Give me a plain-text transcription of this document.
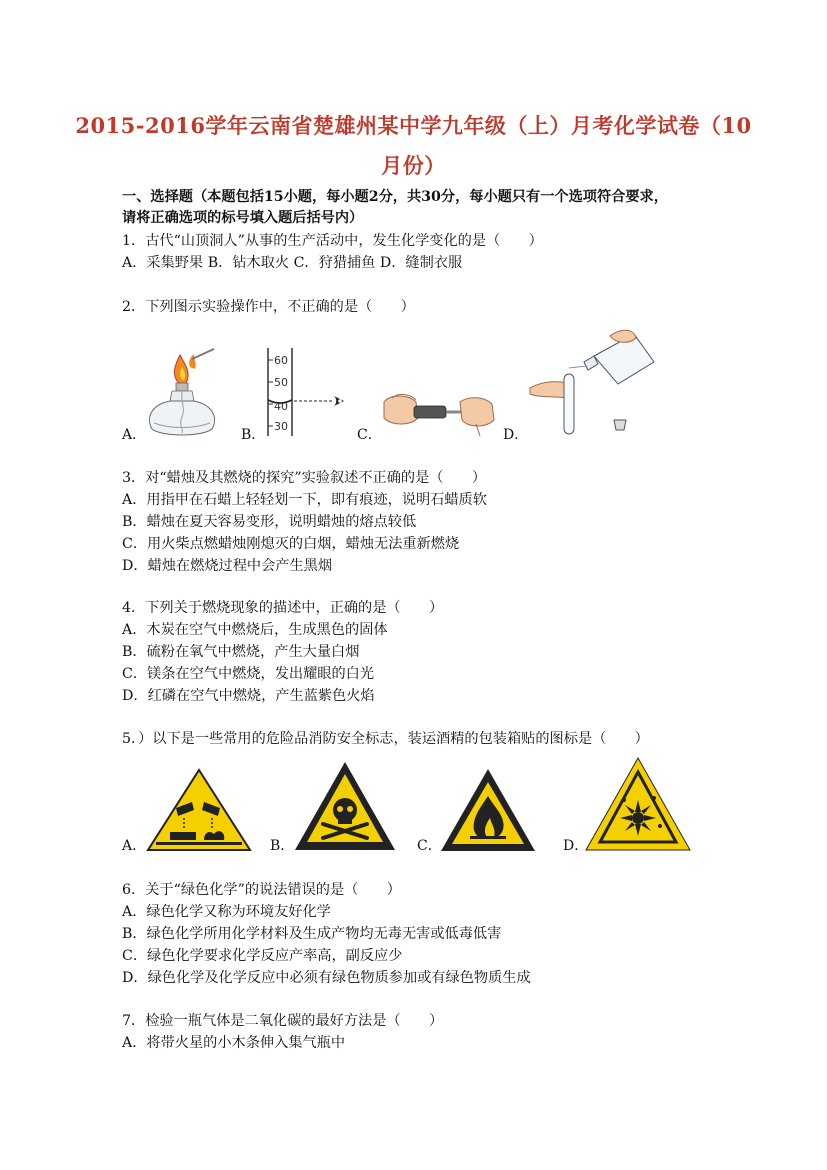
2015-2016学年云南省楚雄州某中学九年级（上）月考化学试卷（10
月份）
一、选择题（本题包括15小题，每小题2分，共30分，每小题只有一个选项符合要求，
请将正确选项的标号填入题后括号内）
1．古代“山顶洞人”从事的生产活动中，发生化学变化的是（　　）
A．采集野果 B．钻木取火 C．狩猎捕鱼 D．缝制衣服
2．下列图示实验操作中，不正确的是（　　）
A．	B．	C．	D．
60
50
40
30
3．对“蜡烛及其燃烧的探究”实验叙述不正确的是（　　）
A．用指甲在石蜡上轻轻划一下，即有痕迹，说明石蜡质软
B．蜡烛在夏天容易变形，说明蜡烛的熔点较低
C．用火柴点燃蜡烛刚熄灭的白烟，蜡烛无法重新燃烧
D．蜡烛在燃烧过程中会产生黑烟
4．下列关于燃烧现象的描述中，正确的是（　　）
A．木炭在空气中燃烧后，生成黑色的固体
B．硫粉在氧气中燃烧，产生大量白烟
C．镁条在空气中燃烧，发出耀眼的白光
D．红磷在空气中燃烧，产生蓝紫色火焰
5．）以下是一些常用的危险品消防安全标志，装运酒精的包装箱贴的图标是（　　）
A．	B．	C．	D．
6．关于“绿色化学”的说法错误的是（　　）
A．绿色化学又称为环境友好化学
B．绿色化学所用化学材料及生成产物均无毒无害或低毒低害
C．绿色化学要求化学反应产率高，副反应少
D．绿色化学及化学反应中必须有绿色物质参加或有绿色物质生成
7．检验一瓶气体是二氧化碳的最好方法是（　　）
A．将带火星的小木条伸入集气瓶中
